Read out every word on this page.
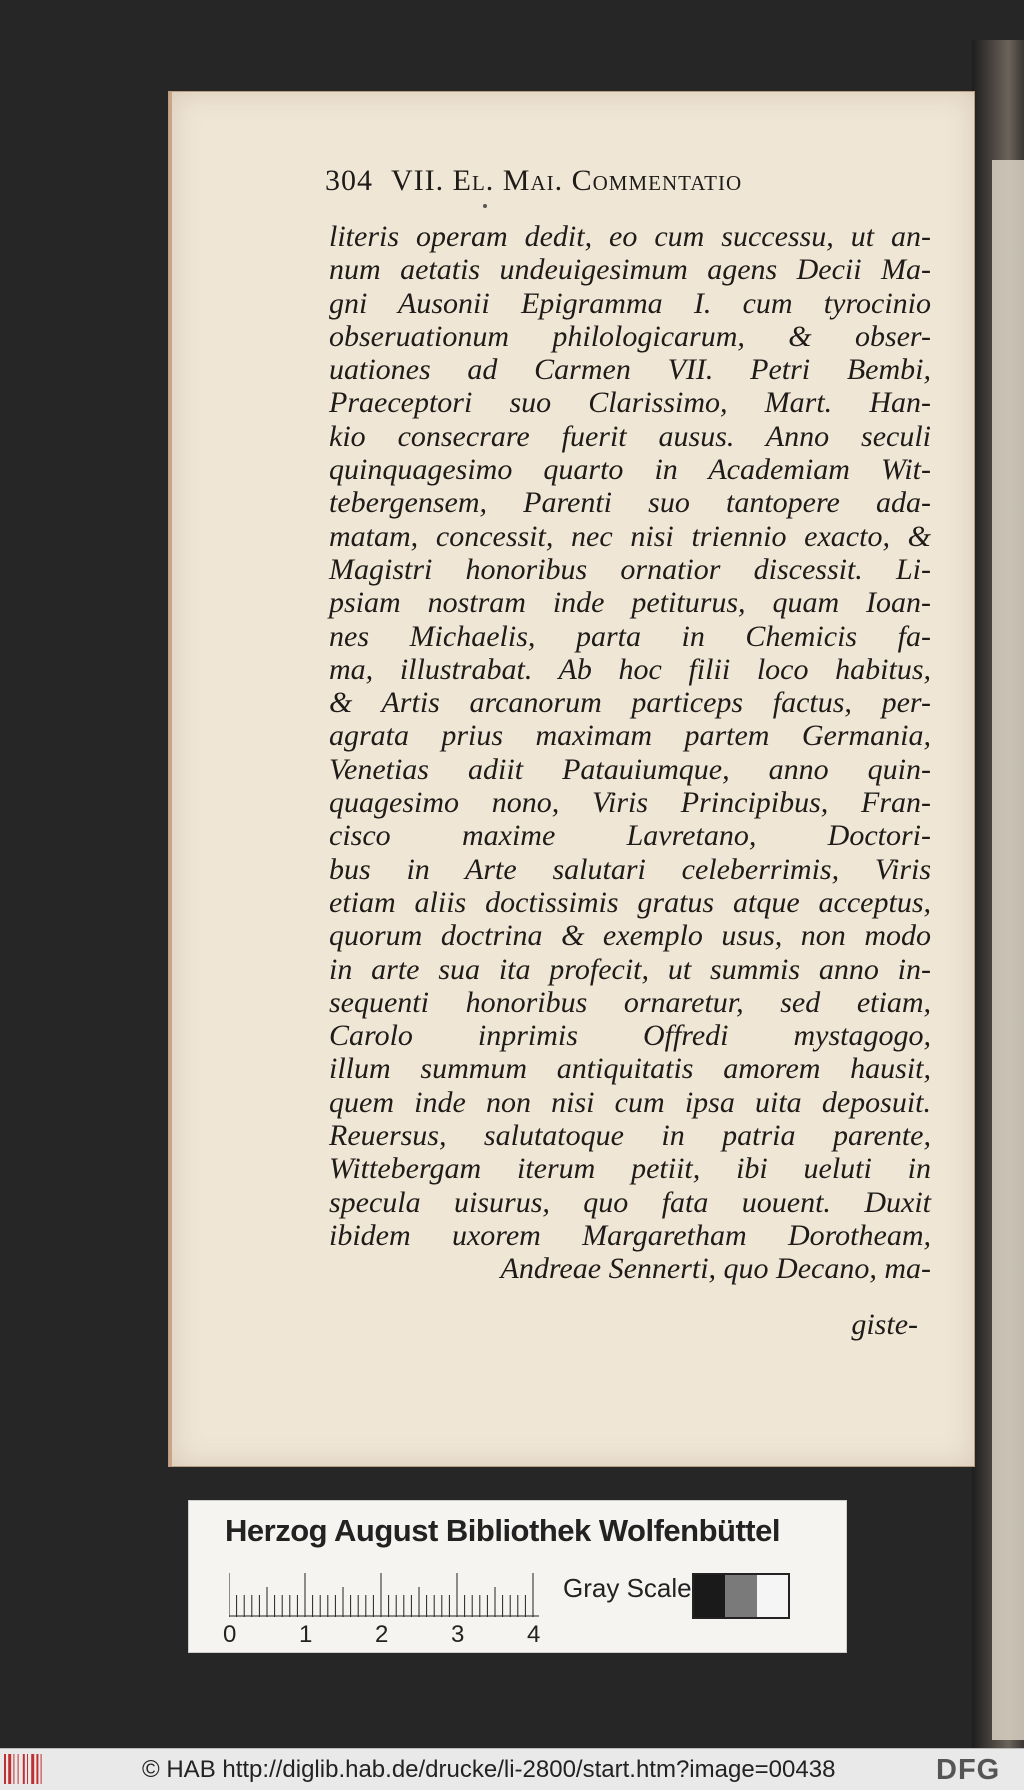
304 VII. El. Mai. Commentatio
literis operam dedit, eo cum successu, ut an-
num aetatis undeuigesimum agens Decii Ma-
gni Ausonii Epigramma I. cum tyrocinio
obseruationum philologicarum, & obser-
uationes ad Carmen VII. Petri Bembi,
Praeceptori suo Clarissimo, Mart. Han-
kio consecrare fuerit ausus. Anno seculi
quinquagesimo quarto in Academiam Wit-
tebergensem, Parenti suo tantopere ada-
matam, concessit, nec nisi triennio exacto, &
Magistri honoribus ornatior discessit. Li-
psiam nostram inde petiturus, quam Ioan-
nes Michaelis, parta in Chemicis fa-
ma, illustrabat. Ab hoc filii loco habitus,
& Artis arcanorum particeps factus, per-
agrata prius maximam partem Germania,
Venetias adiit Patauiumque, anno quin-
quagesimo nono, Viris Principibus, Fran-
cisco maxime Lavretano, Doctori-
bus in Arte salutari celeberrimis, Viris
etiam aliis doctissimis gratus atque acceptus,
quorum doctrina & exemplo usus, non modo
in arte sua ita profecit, ut summis anno in-
sequenti honoribus ornaretur, sed etiam,
Carolo inprimis Offredi mystagogo,
illum summum antiquitatis amorem hausit,
quem inde non nisi cum ipsa uita deposuit.
Reuersus, salutatoque in patria parente,
Wittebergam iterum petiit, ibi ueluti in
specula uisurus, quo fata uouent. Duxit
ibidem uxorem Margaretham Dorotheam,
Andreae Sennerti, quo Decano, ma-
giste-
Herzog August Bibliothek Wolfenbüttel
0	1	2	3	4
Gray Scale
© HAB http://diglib.hab.de/drucke/li-2800/start.htm?image=00438	DFG
